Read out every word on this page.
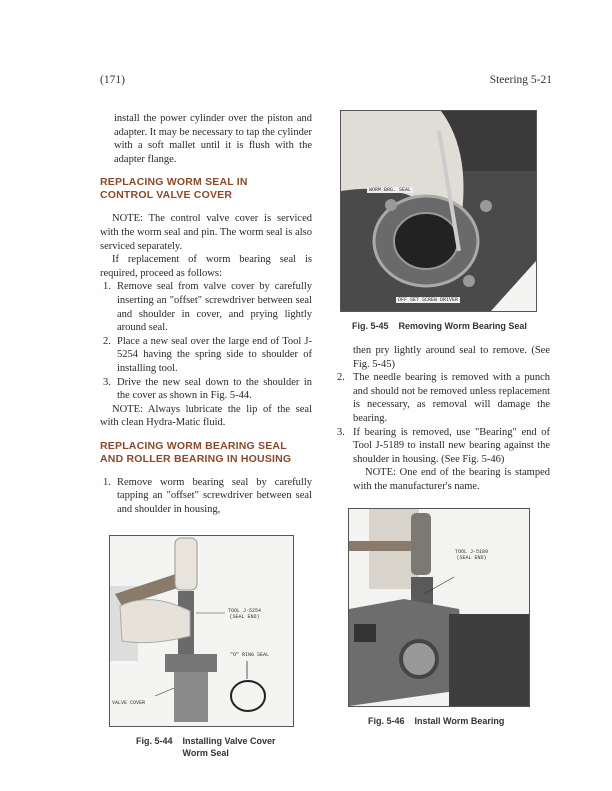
(171)	Steering 5-21
install the power cylinder over the piston and adapter. It may be necessary to tap the cylinder with a soft mallet until it is flush with the adapter flange.
REPLACING WORM SEAL IN
CONTROL VALVE COVER
NOTE: The control valve cover is serviced with the worm seal and pin. The worm seal is also serviced separately.
If replacement of worm bearing seal is required, proceed as follows:
1. Remove seal from valve cover by carefully inserting an "offset" screwdriver between seal and shoulder in cover, and prying lightly around seal.
2. Place a new seal over the large end of Tool J-5254 having the spring side to shoulder of installing tool.
3. Drive the new seal down to the shoulder in the cover as shown in Fig. 5-44.
NOTE: Always lubricate the lip of the seal with clean Hydra-Matic fluid.
REPLACING WORM BEARING SEAL
AND ROLLER BEARING IN HOUSING
1. Remove worm bearing seal by carefully tapping an "offset" screwdriver between seal and shoulder in housing,
TOOL J-5254
(SEAL END)
"O" RING SEAL
VALVE COVER
Fig. 5-44 Installing Valve Cover
Worm Seal
WORM BRG. SEAL
OFF SET SCREW DRIVER
Fig. 5-45 Removing Worm Bearing Seal
then pry lightly around seal to remove. (See Fig. 5-45)
2. The needle bearing is removed with a punch and should not be removed unless replacement is necessary, as removal will damage the bearing.
3. If bearing is removed, use "Bearing" end of Tool J-5189 to install new bearing against the shoulder in housing. (See Fig. 5-46)
NOTE: One end of the bearing is stamped with the manufacturer's name.
TOOL J-5189
(SEAL END)
Fig. 5-46 Install Worm Bearing
